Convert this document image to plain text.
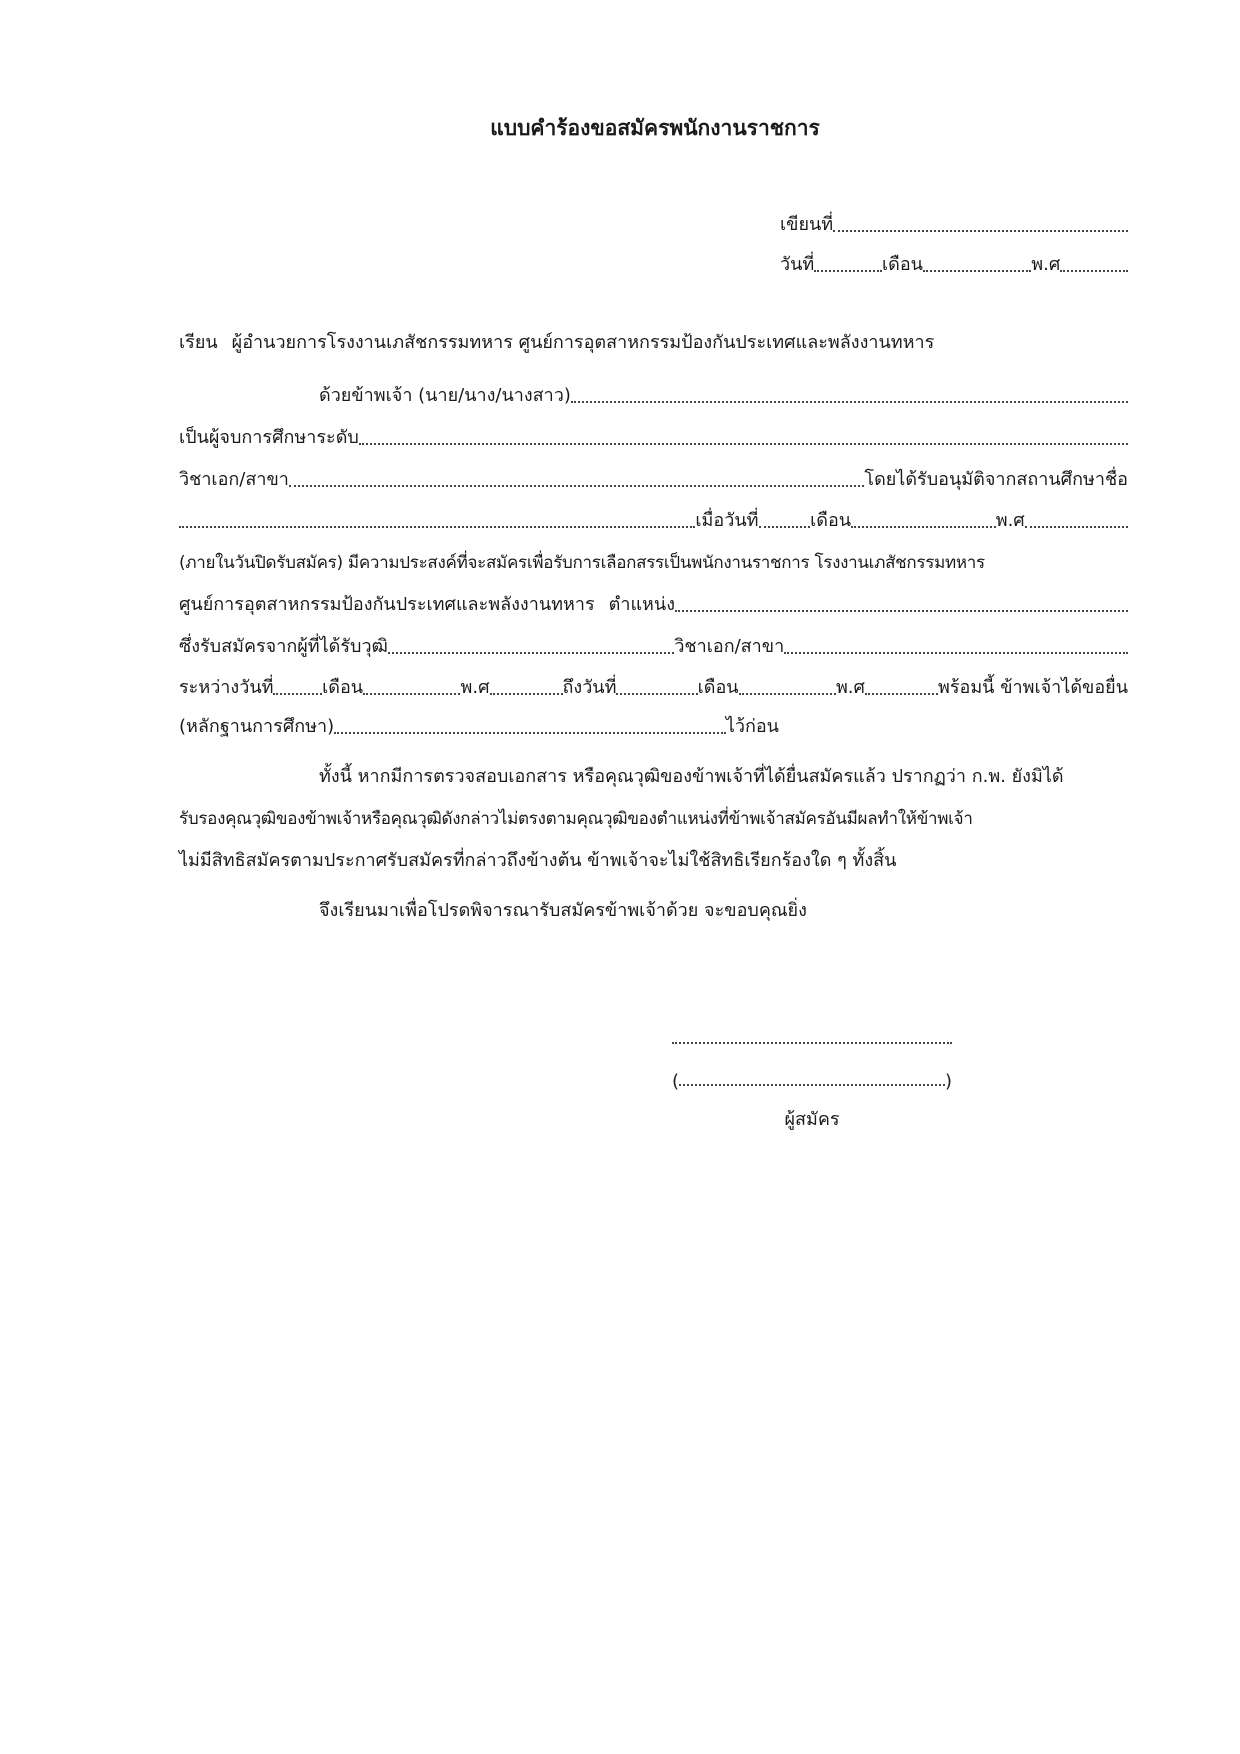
แบบคำร้องขอสมัครพนักงานราชการ
เขียนที่
วันที่	เดือน	พ.ศ
เรียน ผู้อำนวยการโรงงานเภสัชกรรมทหาร ศูนย์การอุตสาหกรรมป้องกันประเทศและพลังงานทหาร
ด้วยข้าพเจ้า (นาย/นาง/นางสาว)
เป็นผู้จบการศึกษาระดับ
วิชาเอก/สาขา	โดยได้รับอนุมัติจากสถานศึกษาชื่อ
เมื่อวันที่	เดือน	พ.ศ
(ภายในวันปิดรับสมัคร) มีความประสงค์ที่จะสมัครเพื่อรับการเลือกสรรเป็นพนักงานราชการ โรงงานเภสัชกรรมทหาร
ศูนย์การอุตสาหกรรมป้องกันประเทศและพลังงานทหาร ตำแหน่ง
ซึ่งรับสมัครจากผู้ที่ได้รับวุฒิ	วิชาเอก/สาขา
ระหว่างวันที่	เดือน	พ.ศ	ถึงวันที่	เดือน	พ.ศ	พร้อมนี้ ข้าพเจ้าได้ขอยื่น
(หลักฐานการศึกษา)	ไว้ก่อน
ทั้งนี้ หากมีการตรวจสอบเอกสาร หรือคุณวุฒิของข้าพเจ้าที่ได้ยื่นสมัครแล้ว ปรากฏว่า ก.พ. ยังมิได้
รับรองคุณวุฒิของข้าพเจ้าหรือคุณวุฒิดังกล่าวไม่ตรงตามคุณวุฒิของตำแหน่งที่ข้าพเจ้าสมัครอันมีผลทำให้ข้าพเจ้า
ไม่มีสิทธิสมัครตามประกาศรับสมัครที่กล่าวถึงข้างต้น ข้าพเจ้าจะไม่ใช้สิทธิเรียกร้องใด ๆ ทั้งสิ้น
จึงเรียนมาเพื่อโปรดพิจารณารับสมัครข้าพเจ้าด้วย จะขอบคุณยิ่ง
(	)
ผู้สมัคร
